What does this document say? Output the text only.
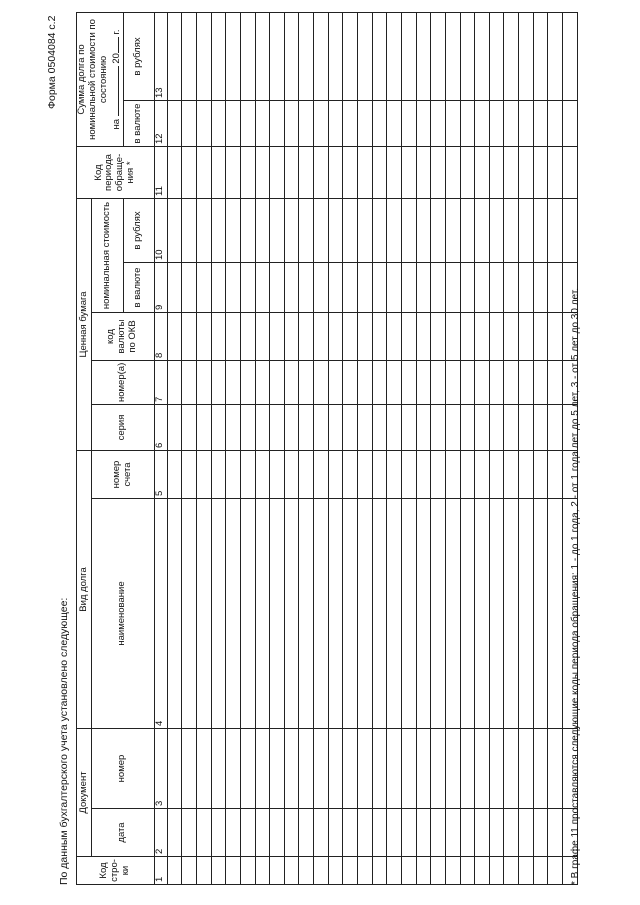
Форма 0504084 с.2
По данным бухгалтерского учета установлено следующее:	Код стро-ки	Документ		Вид долга		Ценная бумага					Код периода обраще-ния *	Сумма долга по номинальной стоимости по состоянию
на  20 г.	

	дата	номер	наименование	номер счета	серия	номер(а)	код валюты по ОКВ	номинальная стоимость				
								в валюте	в рублях		в валюте	в рублях
1	2	3	4	5	6	7	8	9	10	11	12	13

* В графе 11 проставляются следующие коды периода обращения: 1 - до 1 года, 2 - от 1 года лет до 5 лет, 3 - от 5 лет до 30 лет.
